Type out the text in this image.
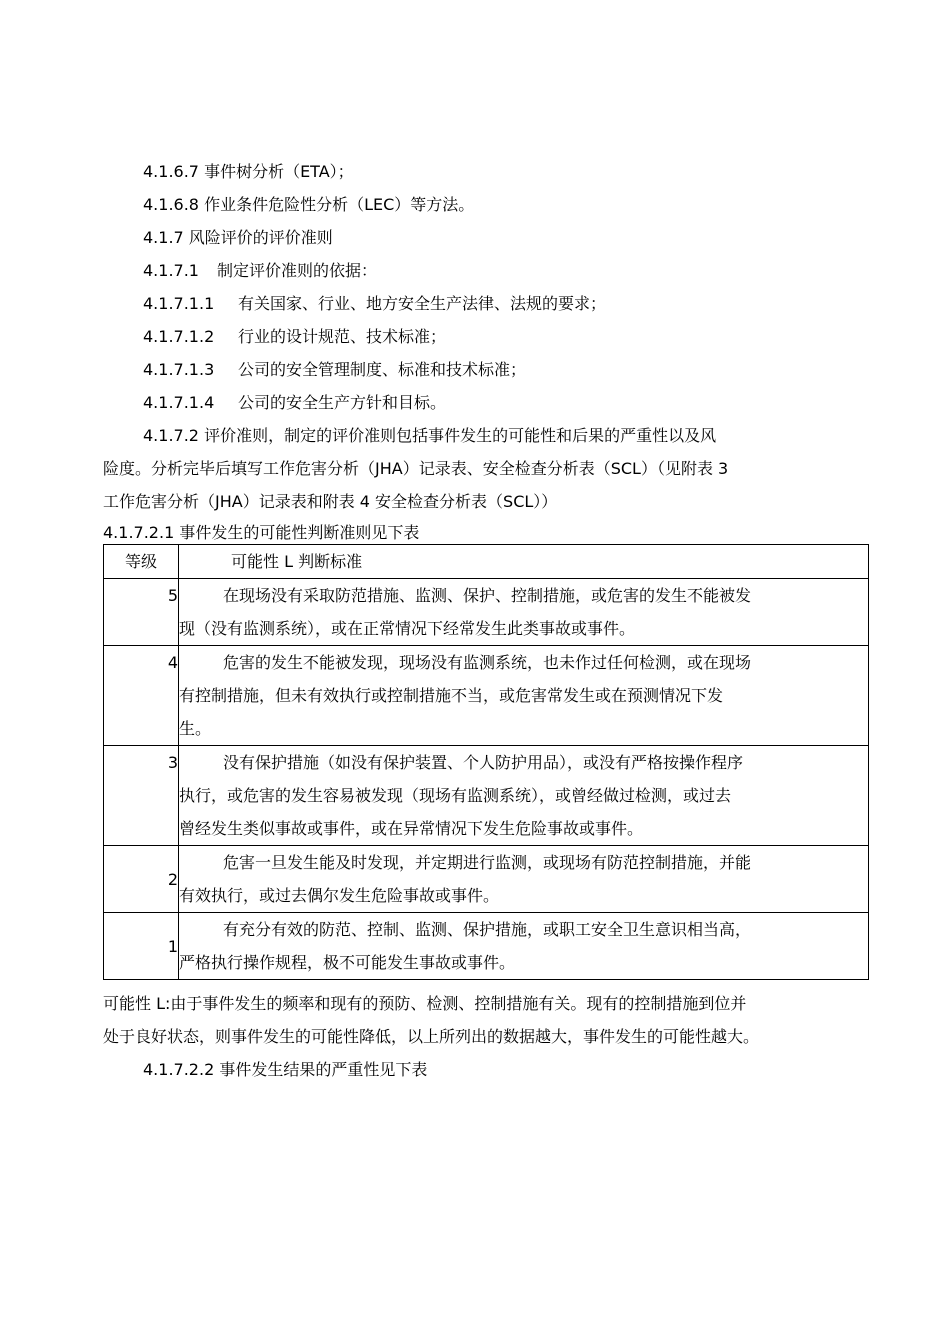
4.1.6.7 事件树分析（ETA）；
4.1.6.8 作业条件危险性分析（LEC）等方法。
4.1.7 风险评价的评价准则
4.1.7.1 制定评价准则的依据：
4.1.7.1.1 有关国家、行业、地方安全生产法律、法规的要求；
4.1.7.1.2 行业的设计规范、技术标准；
4.1.7.1.3 公司的安全管理制度、标准和技术标准；
4.1.7.1.4 公司的安全生产方针和目标。
4.1.7.2 评价准则，制定的评价准则包括事件发生的可能性和后果的严重性以及风
险度。分析完毕后填写工作危害分析（JHA）记录表、安全检查分析表（SCL）（见附表 3
工作危害分析（JHA）记录表和附表 4 安全检查分析表（SCL））
4.1.7.2.1 事件发生的可能性判断准则见下表
等级	可能性 L 判断标准
5	在现场没有采取防范措施、监测、保护、控制措施，或危害的发生不能被发
现（没有监测系统），或在正常情况下经常发生此类事故或事件。

4	危害的发生不能被发现，现场没有监测系统，也未作过任何检测，或在现场
有控制措施，但未有效执行或控制措施不当，或危害常发生或在预测情况下发
生。

3	没有保护措施（如没有保护装置、个人防护用品），或没有严格按操作程序
执行，或危害的发生容易被发现（现场有监测系统），或曾经做过检测，或过去
曾经发生类似事故或事件，或在异常情况下发生危险事故或事件。

2	危害一旦发生能及时发现，并定期进行监测，或现场有防范控制措施，并能
有效执行，或过去偶尔发生危险事故或事件。

1	有充分有效的防范、控制、监测、保护措施，或职工安全卫生意识相当高，
严格执行操作规程，极不可能发生事故或事件。
可能性 L:由于事件发生的频率和现有的预防、检测、控制措施有关。现有的控制措施到位并
处于良好状态，则事件发生的可能性降低，以上所列出的数据越大，事件发生的可能性越大。
4.1.7.2.2 事件发生结果的严重性见下表
